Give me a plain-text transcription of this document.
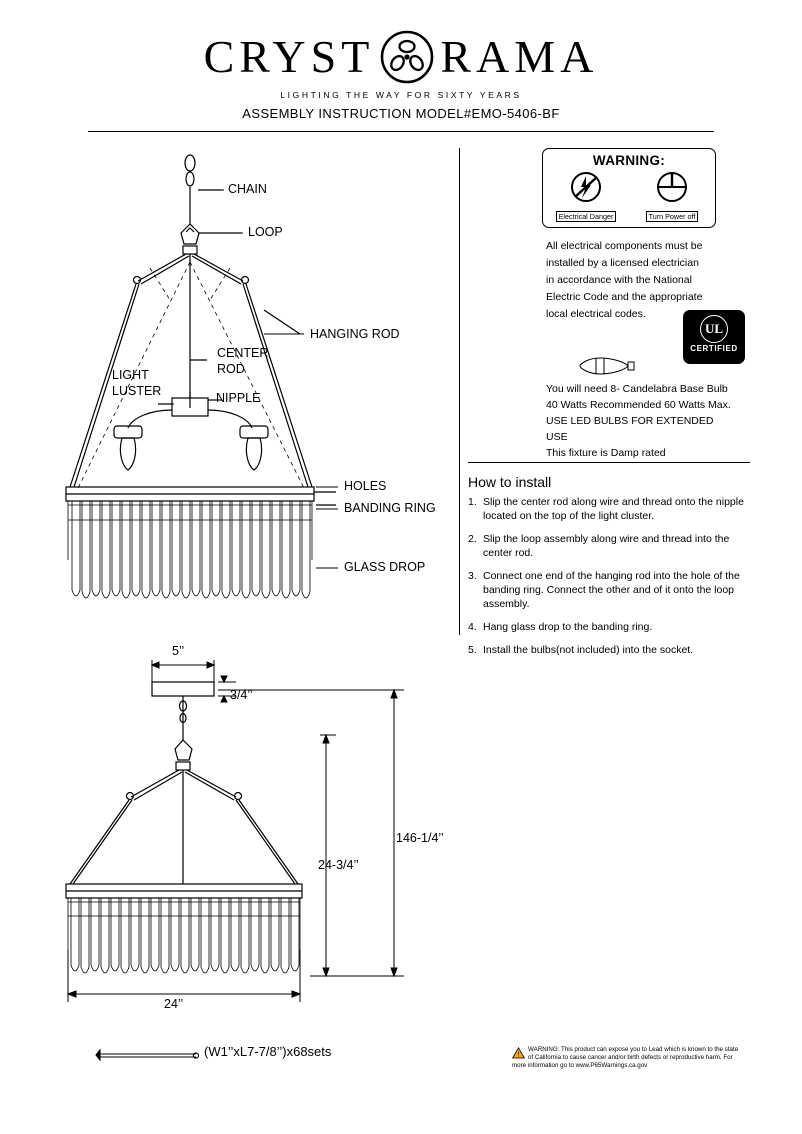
CRYST RAMA
LIGHTING THE WAY FOR SIXTY YEARS
ASSEMBLY INSTRUCTION MODEL#EMO-5406-BF
CHAIN
LOOP
HANGING ROD
CENTER
ROD
LIGHT
LUSTER	NIPPLE
HOLES
BANDING RING
GLASS DROP
WARNING:
Electrical Danger	Turn Power off
All electrical components must be installed by a licensed electrician in accordance with the National Electric Code and the appropriate local electrical codes.
UL
CERTIFIED
You will need 8- Candelabra Base Bulb
40 Watts Recommended 60 Watts Max.
USE LED BULBS FOR EXTENDED USE
This fixture is Damp rated
How to install
1. Slip the center rod along wire and thread onto the nipple located on the top of the light cluster.
2. Slip the loop assembly along wire and thread into the center rod.
3. Connect one end of the hanging rod into the hole of the banding ring. Connect the other and of it onto the loop assembly.
4. Hang glass drop to the banding ring.
5. Install the bulbs(not included) into the socket.
5’’
3/4’’
146-1/4’’
24-3/4’’
24’’
(W1’’xL7-7/8’’)x68sets	!
WARNING: This product can expose you to Lead which is known to the state of California to cause cancer and/or birth defects or reproductive harm. For more information go to www.P65Warnings.ca.gov
